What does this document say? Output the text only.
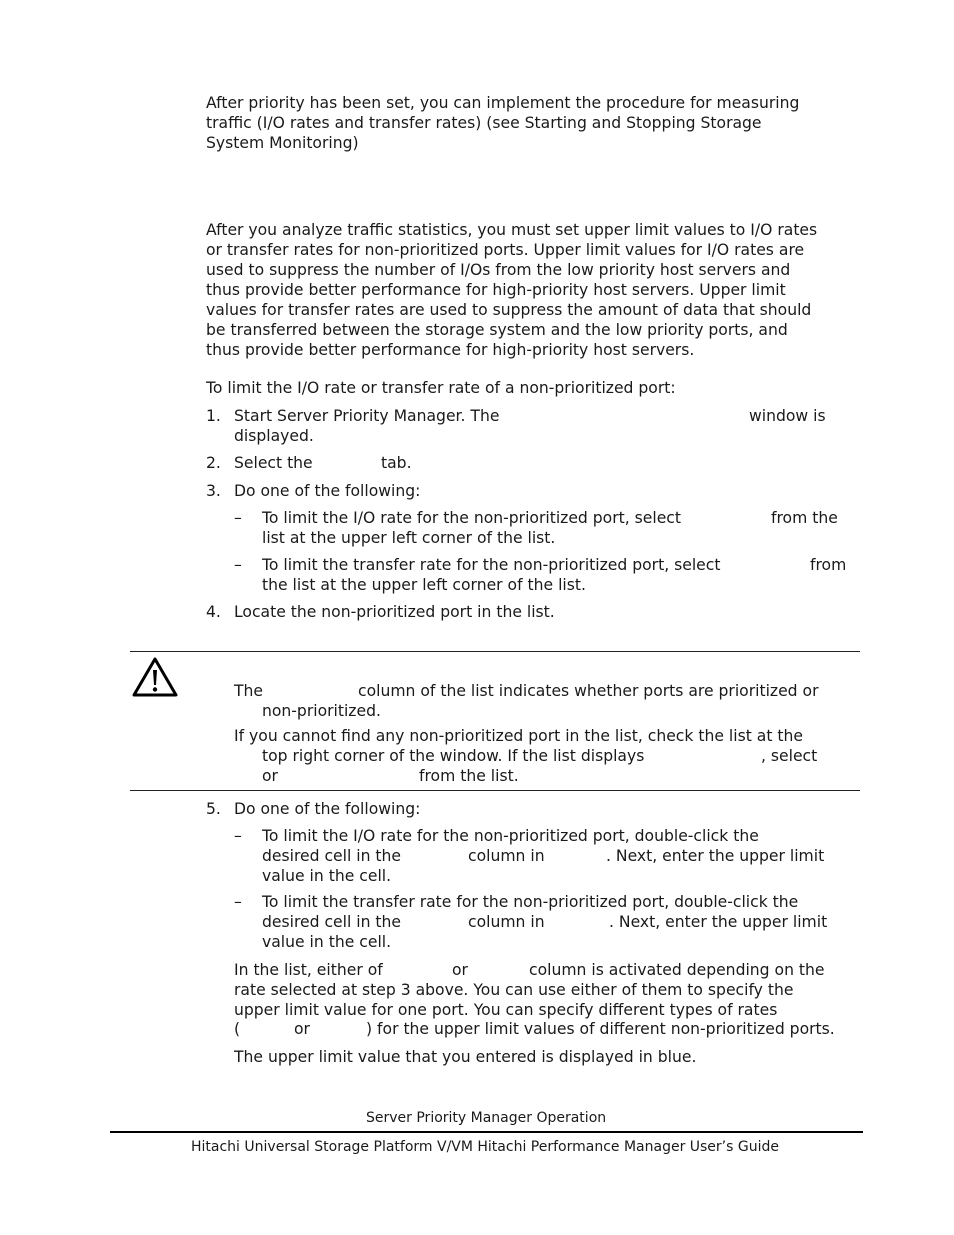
After priority has been set, you can implement the procedure for measuring

traffic (I/O rates and transfer rates) (see Starting and Stopping Storage

System Monitoring)

After you analyze traffic statistics, you must set upper limit values to I/O rates

or transfer rates for non-prioritized ports. Upper limit values for I/O rates are

used to suppress the number of I/Os from the low priority host servers and

thus provide better performance for high-priority host servers. Upper limit

values for transfer rates are used to suppress the amount of data that should

be transferred between the storage system and the low priority ports, and

thus provide better performance for high-priority host servers.

To limit the I/O rate or transfer rate of a non-prioritized port:

1. Start Server Priority Manager. The	window is
displayed.
2. Select the	tab.
3. Do one of the following:
– To limit the I/O rate for the non-prioritized port, select	from the
list at the upper left corner of the list.
– To limit the transfer rate for the non-prioritized port, select	from
the list at the upper left corner of the list.
4. Locate the non-prioritized port in the list.
The	column of the list indicates whether ports are prioritized or
non-prioritized.
If you cannot find any non-prioritized port in the list, check the list at the
top right corner of the window. If the list displays	, select
or	from the list.
5. Do one of the following:
– To limit the I/O rate for the non-prioritized port, double-click the
desired cell in the	column in	. Next, enter the upper limit
value in the cell.
– To limit the transfer rate for the non-prioritized port, double-click the
desired cell in the	column in	. Next, enter the upper limit
value in the cell.
In the list, either of	or	column is activated depending on the
rate selected at step 3 above. You can use either of them to specify the
upper limit value for one port. You can specify different types of rates
(	or	) for the upper limit values of different non-prioritized ports.
The upper limit value that you entered is displayed in blue.
Server Priority Manager Operation
Hitachi Universal Storage Platform V/VM Hitachi Performance Manager User’s Guide
